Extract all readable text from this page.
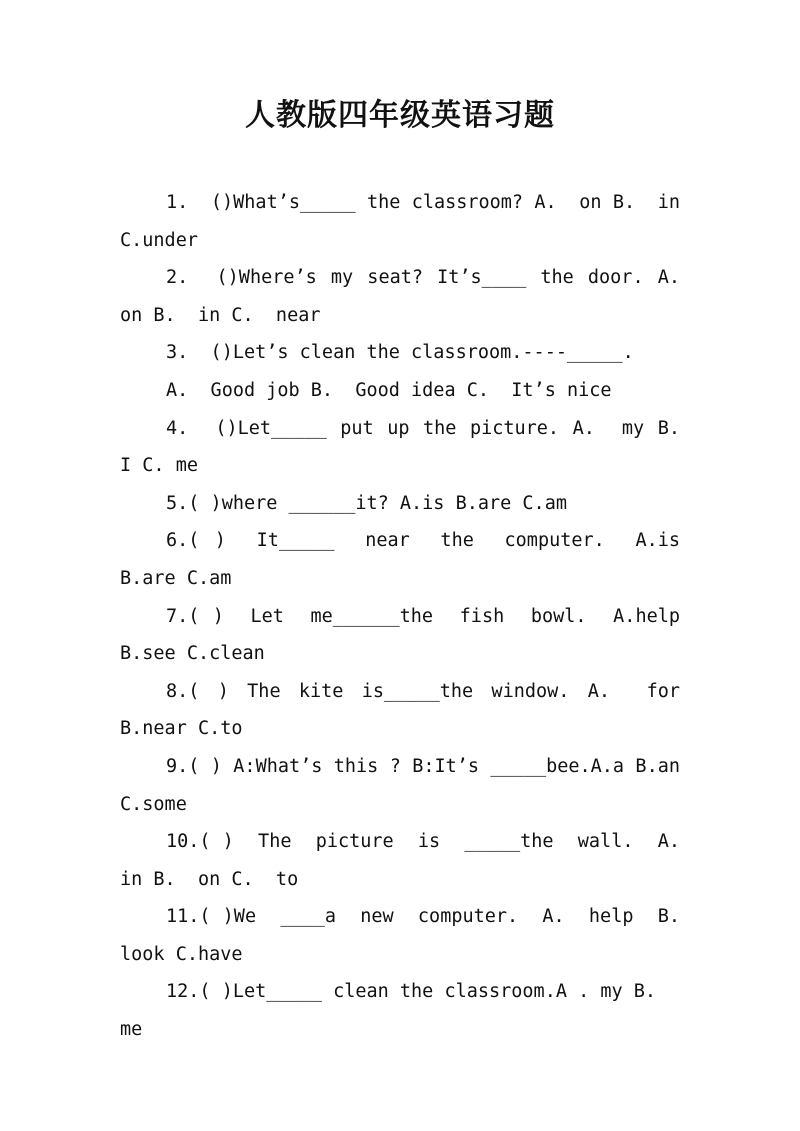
人教版四年级英语习题

1.  ()What’s_____ the classroom? A.  on B.  in C.under

2.  ()Where’s my seat? It’s____ the door. A.  on B.  in C.  near

3.  ()Let’s clean the classroom.----_____.

A.  Good job B.  Good idea C.  It’s nice

4.  ()Let_____ put up the picture. A.  my B.  I C. me

5.( )where ______it? A.is B.are C.am

6.( )  It_____  near  the  computer.  A.is  B.are C.am

7.( )  Let  me______the  fish  bowl.  A.help B.see C.clean

8.( ) The kite is_____the window. A.  for B.near C.to

9.( ) A:What’s this ? B:It’s _____bee.A.a B.an C.some

10.( )  The  picture  is  _____the  wall.  A.  in B.  on C.  to

11.( )We  ____a  new  computer.  A.  help  B.  look C.have

12.( )Let_____ clean the classroom.A . my B.  me
